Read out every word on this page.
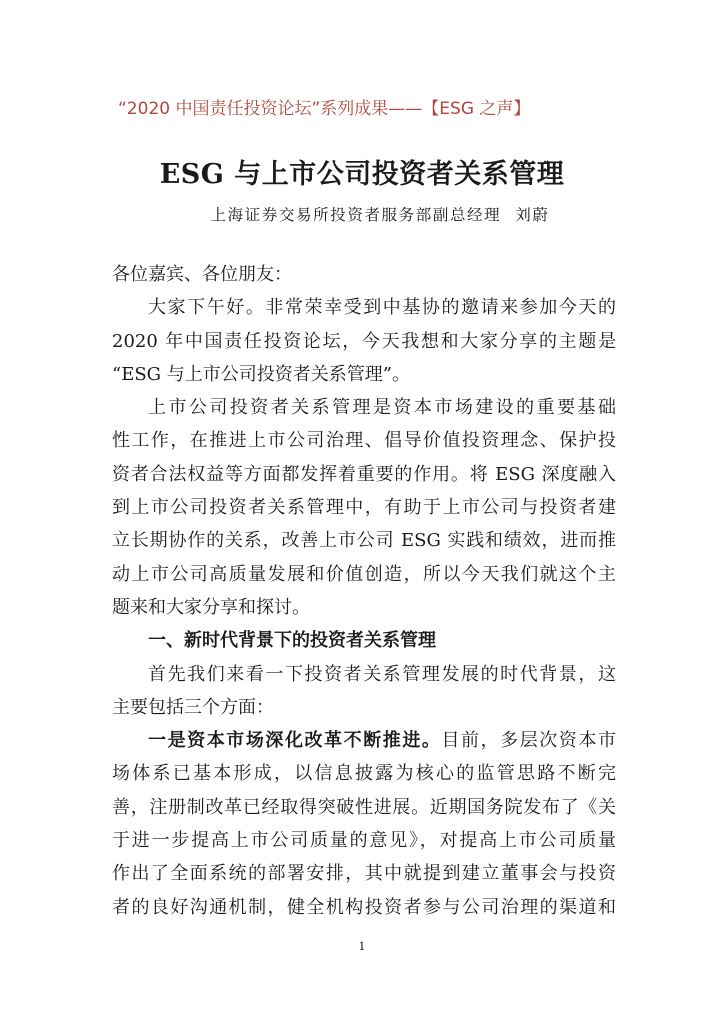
“2020 中国责任投资论坛”系列成果——【ESG 之声】
ESG 与上市公司投资者关系管理
上海证券交易所投资者服务部副总经理 刘蔚
各位嘉宾、各位朋友：
大家下午好。非常荣幸受到中基协的邀请来参加今天的
2020 年中国责任投资论坛，今天我想和大家分享的主题是
“ESG 与上市公司投资者关系管理”。
上市公司投资者关系管理是资本市场建设的重要基础
性工作，在推进上市公司治理、倡导价值投资理念、保护投
资者合法权益等方面都发挥着重要的作用。将 ESG 深度融入
到上市公司投资者关系管理中，有助于上市公司与投资者建
立长期协作的关系，改善上市公司 ESG 实践和绩效，进而推
动上市公司高质量发展和价值创造，所以今天我们就这个主
题来和大家分享和探讨。
一、新时代背景下的投资者关系管理
首先我们来看一下投资者关系管理发展的时代背景，这
主要包括三个方面：
一是资本市场深化改革不断推进。目前，多层次资本市
场体系已基本形成，以信息披露为核心的监管思路不断完
善，注册制改革已经取得突破性进展。近期国务院发布了《关
于进一步提高上市公司质量的意见》，对提高上市公司质量
作出了全面系统的部署安排，其中就提到建立董事会与投资
者的良好沟通机制，健全机构投资者参与公司治理的渠道和
1
